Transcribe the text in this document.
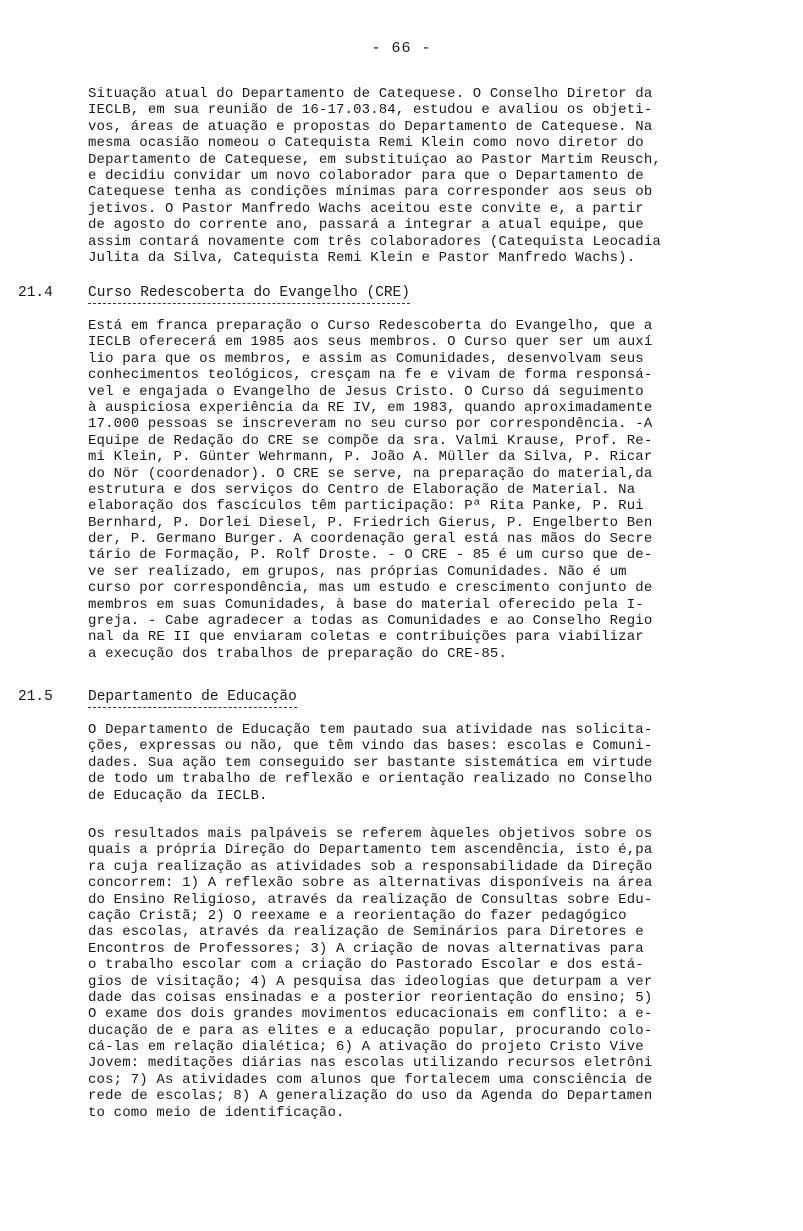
- 66 -
Situação atual do Departamento de Catequese. O Conselho Diretor da
IECLB, em sua reunião de 16-17.03.84, estudou e avaliou os objeti-
vos, áreas de atuação e propostas do Departamento de Catequese. Na
mesma ocasião nomeou o Catequista Remi Klein como novo diretor do
Departamento de Catequese, em substituiçao ao Pastor Martim Reusch,
e decidiu convidar um novo colaborador para que o Departamento de
Catequese tenha as condições mínimas para corresponder aos seus ob
jetivos. O Pastor Manfredo Wachs aceitou este convite e, a partir
de agosto do corrente ano, passará a integrar a atual equipe, que
assim contará novamente com três colaboradores (Catequista Leocadia
Julita da Silva, Catequista Remi Klein e Pastor Manfredo Wachs).
21.4 Curso Redescoberta do Evangelho (CRE)
Está em franca preparação o Curso Redescoberta do Evangelho, que a
IECLB oferecerá em 1985 aos seus membros. O Curso quer ser um auxí
lio para que os membros, e assim as Comunidades, desenvolvam seus
conhecimentos teológicos, cresçam na fe e vivam de forma responsá-
vel e engajada o Evangelho de Jesus Cristo. O Curso dá seguimento
à auspiciosa experiência da RE IV, em 1983, quando aproximadamente
17.000 pessoas se inscreveram no seu curso por correspondência. -A
Equipe de Redação do CRE se compõe da sra. Valmi Krause, Prof. Re-
mi Klein, P. Günter Wehrmann, P. João A. Müller da Silva, P. Ricar
do Nör (coordenador). O CRE se serve, na preparação do material,da
estrutura e dos serviços do Centro de Elaboração de Material. Na
elaboração dos fascículos têm participação: Pª Rita Panke, P. Rui
Bernhard, P. Dorlei Diesel, P. Friedrich Gierus, P. Engelberto Ben
der, P. Germano Burger. A coordenação geral está nas mãos do Secre
tário de Formação, P. Rolf Droste. - O CRE - 85 é um curso que de-
ve ser realizado, em grupos, nas próprias Comunidades. Não é um
curso por correspondência, mas um estudo e crescimento conjunto de
membros em suas Comunidades, à base do material oferecido pela I-
greja. - Cabe agradecer a todas as Comunidades e ao Conselho Regio
nal da RE II que enviaram coletas e contribuições para viabilizar
a execução dos trabalhos de preparação do CRE-85.
21.5 Departamento de Educação
O Departamento de Educação tem pautado sua atividade nas solicita-
ções, expressas ou não, que têm vindo das bases: escolas e Comuni-
dades. Sua ação tem conseguido ser bastante sistemática em virtude
de todo um trabalho de reflexão e orientação realizado no Conselho
de Educação da IECLB.
Os resultados mais palpáveis se referem àqueles objetivos sobre os
quais a própria Direção do Departamento tem ascendência, isto é,pa
ra cuja realização as atividades sob a responsabilidade da Direção
concorrem: 1) A reflexão sobre as alternativas disponíveis na área
do Ensino Religioso, através da realização de Consultas sobre Edu-
cação Cristã; 2) O reexame e a reorientação do fazer pedagógico
das escolas, através da realização de Seminários para Diretores e
Encontros de Professores; 3) A criação de novas alternativas para
o trabalho escolar com a criação do Pastorado Escolar e dos está-
gios de visitação; 4) A pesquisa das ideologias que deturpam a ver
dade das coisas ensinadas e a posterior reorientação do ensino; 5)
O exame dos dois grandes movimentos educacionais em conflito: a e-
ducação de e para as elites e a educação popular, procurando colo-
cá-las em relação dialética; 6) A ativação do projeto Cristo Vive
Jovem: meditações diárias nas escolas utilizando recursos eletrôni
cos; 7) As atividades com alunos que fortalecem uma consciência de
rede de escolas; 8) A generalização do uso da Agenda do Departamen
to como meio de identificação.
